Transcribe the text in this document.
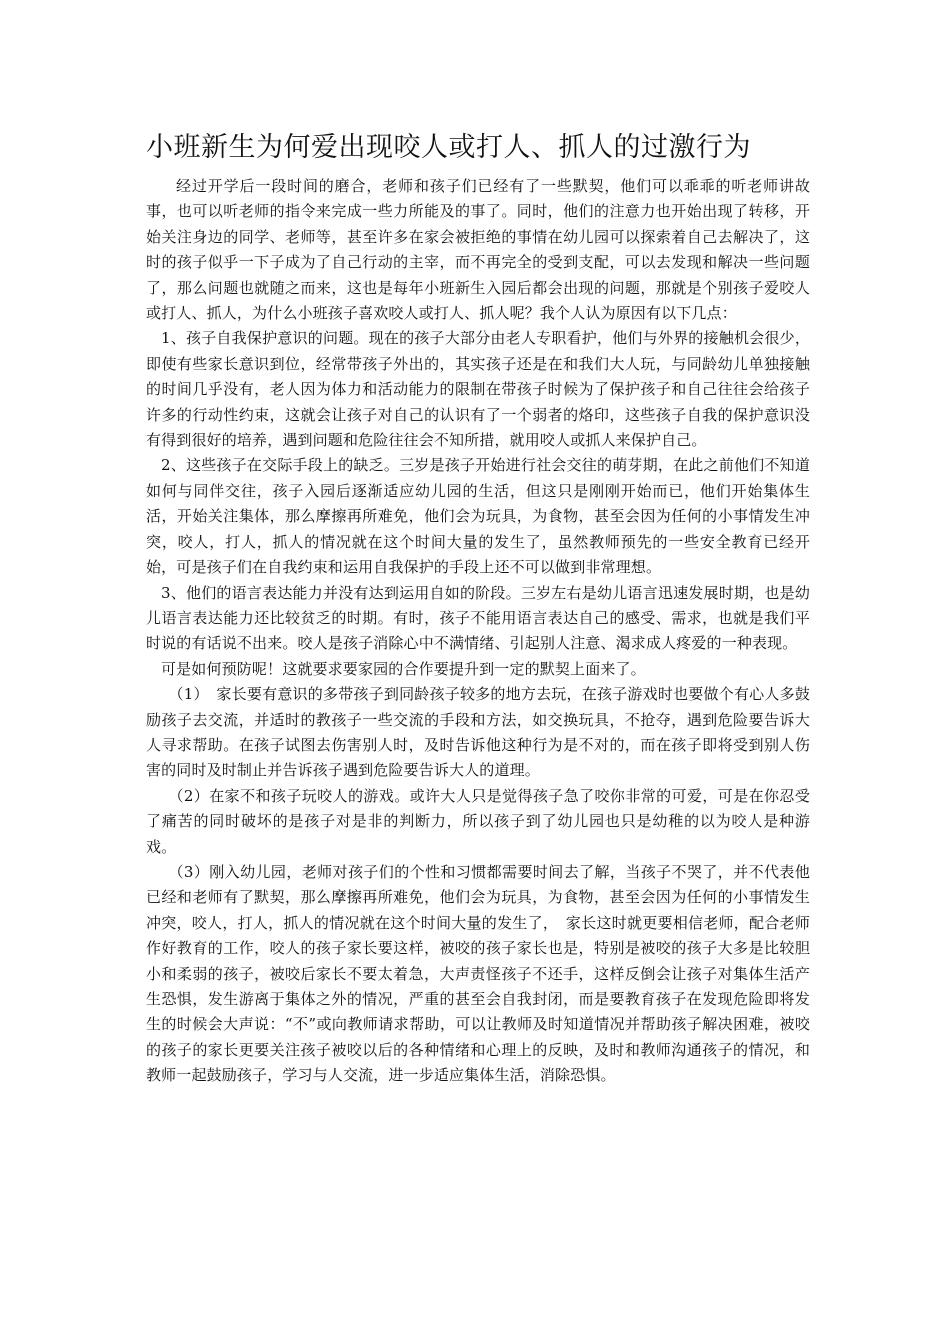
小班新生为何爱出现咬人或打人、抓人的过激行为

经过开学后一段时间的磨合，老师和孩子们已经有了一些默契，他们可以乖乖的听老师讲故事，也可以听老师的指令来完成一些力所能及的事了。同时，他们的注意力也开始出现了转移，开始关注身边的同学、老师等，甚至许多在家会被拒绝的事情在幼儿园可以探索着自己去解决了，这时的孩子似乎一下子成为了自己行动的主宰，而不再完全的受到支配，可以去发现和解决一些问题了，那么问题也就随之而来，这也是每年小班新生入园后都会出现的问题，那就是个别孩子爱咬人或打人、抓人，为什么小班孩子喜欢咬人或打人、抓人呢？我个人认为原因有以下几点：

1、孩子自我保护意识的问题。现在的孩子大部分由老人专职看护，他们与外界的接触机会很少，即使有些家长意识到位，经常带孩子外出的，其实孩子还是在和我们大人玩，与同龄幼儿单独接触的时间几乎没有，老人因为体力和活动能力的限制在带孩子时候为了保护孩子和自己往往会给孩子许多的行动性约束，这就会让孩子对自己的认识有了一个弱者的烙印，这些孩子自我的保护意识没有得到很好的培养，遇到问题和危险往往会不知所措，就用咬人或抓人来保护自己。

2、这些孩子在交际手段上的缺乏。三岁是孩子开始进行社会交往的萌芽期，在此之前他们不知道如何与同伴交往，孩子入园后逐渐适应幼儿园的生活，但这只是刚刚开始而已，他们开始集体生活，开始关注集体，那么摩擦再所难免，他们会为玩具，为食物，甚至会因为任何的小事情发生冲突，咬人，打人，抓人的情况就在这个时间大量的发生了，虽然教师预先的一些安全教育已经开始，可是孩子们在自我约束和运用自我保护的手段上还不可以做到非常理想。

3、他们的语言表达能力并没有达到运用自如的阶段。三岁左右是幼儿语言迅速发展时期，也是幼儿语言表达能力还比较贫乏的时期。有时，孩子不能用语言表达自己的感受、需求，也就是我们平时说的有话说不出来。咬人是孩子消除心中不满情绪、引起别人注意、渴求成人疼爱的一种表现。

可是如何预防呢！这就要求要家园的合作要提升到一定的默契上面来了。

（1）　家长要有意识的多带孩子到同龄孩子较多的地方去玩，在孩子游戏时也要做个有心人多鼓励孩子去交流，并适时的教孩子一些交流的手段和方法，如交换玩具，不抢夺，遇到危险要告诉大人寻求帮助。在孩子试图去伤害别人时，及时告诉他这种行为是不对的，而在孩子即将受到别人伤害的同时及时制止并告诉孩子遇到危险要告诉大人的道理。

（2）在家不和孩子玩咬人的游戏。或许大人只是觉得孩子急了咬你非常的可爱，可是在你忍受了痛苦的同时破坏的是孩子对是非的判断力，所以孩子到了幼儿园也只是幼稚的以为咬人是种游戏。

（3）刚入幼儿园，老师对孩子们的个性和习惯都需要时间去了解，当孩子不哭了，并不代表他已经和老师有了默契，那么摩擦再所难免，他们会为玩具，为食物，甚至会因为任何的小事情发生冲突，咬人，打人，抓人的情况就在这个时间大量的发生了，　家长这时就更要相信老师，配合老师作好教育的工作，咬人的孩子家长要这样，被咬的孩子家长也是，特别是被咬的孩子大多是比较胆小和柔弱的孩子，被咬后家长不要太着急，大声责怪孩子不还手，这样反倒会让孩子对集体生活产生恐惧，发生游离于集体之外的情况，严重的甚至会自我封闭，而是要教育孩子在发现危险即将发生的时候会大声说：“不”或向教师请求帮助，可以让教师及时知道情况并帮助孩子解决困难，被咬的孩子的家长更要关注孩子被咬以后的各种情绪和心理上的反映，及时和教师沟通孩子的情况，和教师一起鼓励孩子，学习与人交流，进一步适应集体生活，消除恐惧。
